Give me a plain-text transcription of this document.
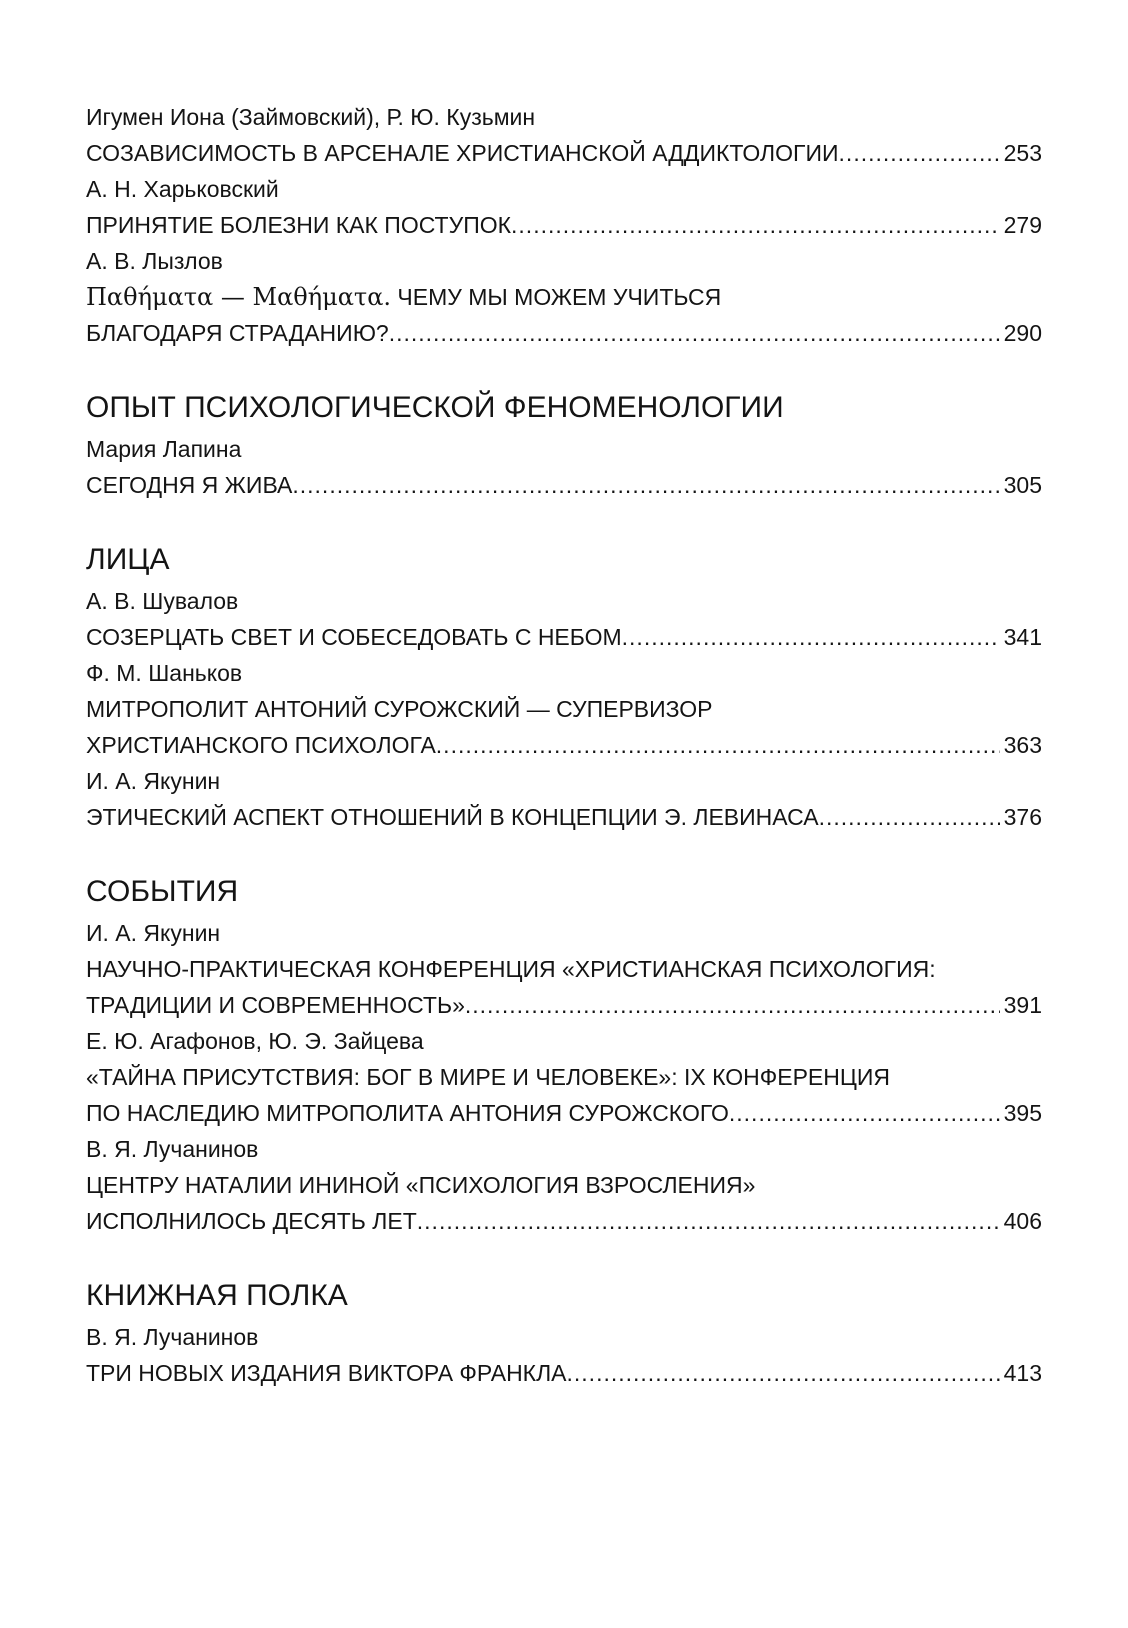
Игумен Иона (Займовский), Р. Ю. Кузьмин
СОЗАВИСИМОСТЬ В АРСЕНАЛЕ ХРИСТИАНСКОЙ АДДИКТОЛОГИИ .....	253
А. Н. Харьковский
ПРИНЯТИЕ БОЛЕЗНИ КАК ПОСТУПОК .....	279
А. В. Лызлов
Παθήματα — Μαθήματα. ЧЕМУ МЫ МОЖЕМ УЧИТЬСЯ
БЛАГОДАРЯ СТРАДАНИЮ? .....	290
ОПЫТ ПСИХОЛОГИЧЕСКОЙ ФЕНОМЕНОЛОГИИ
Мария Лапина
СЕГОДНЯ Я ЖИВА .....	305
ЛИЦА
А. В. Шувалов
СОЗЕРЦАТЬ СВЕТ И СОБЕСЕДОВАТЬ С НЕБОМ .....	341
Ф. М. Шаньков
МИТРОПОЛИТ АНТОНИЙ СУРОЖСКИЙ — СУПЕРВИЗОР
ХРИСТИАНСКОГО ПСИХОЛОГА .....	363
И. А. Якунин
ЭТИЧЕСКИЙ АСПЕКТ ОТНОШЕНИЙ В КОНЦЕПЦИИ Э. ЛЕВИНАСА .....	376
СОБЫТИЯ
И. А. Якунин
НАУЧНО-ПРАКТИЧЕСКАЯ КОНФЕРЕНЦИЯ «ХРИСТИАНСКАЯ ПСИХОЛОГИЯ:
ТРАДИЦИИ И СОВРЕМЕННОСТЬ» .....	391
Е. Ю. Агафонов, Ю. Э. Зайцева
«ТАЙНА ПРИСУТСТВИЯ: БОГ В МИРЕ И ЧЕЛОВЕКЕ»: IX КОНФЕРЕНЦИЯ
ПО НАСЛЕДИЮ МИТРОПОЛИТА АНТОНИЯ СУРОЖСКОГО .....	395
В. Я. Лучанинов
ЦЕНТРУ НАТАЛИИ ИНИНОЙ «ПСИХОЛОГИЯ ВЗРОСЛЕНИЯ»
ИСПОЛНИЛОСЬ ДЕСЯТЬ ЛЕТ .....	406
КНИЖНАЯ ПОЛКА
В. Я. Лучанинов
ТРИ НОВЫХ ИЗДАНИЯ ВИКТОРА ФРАНКЛА .....	413
